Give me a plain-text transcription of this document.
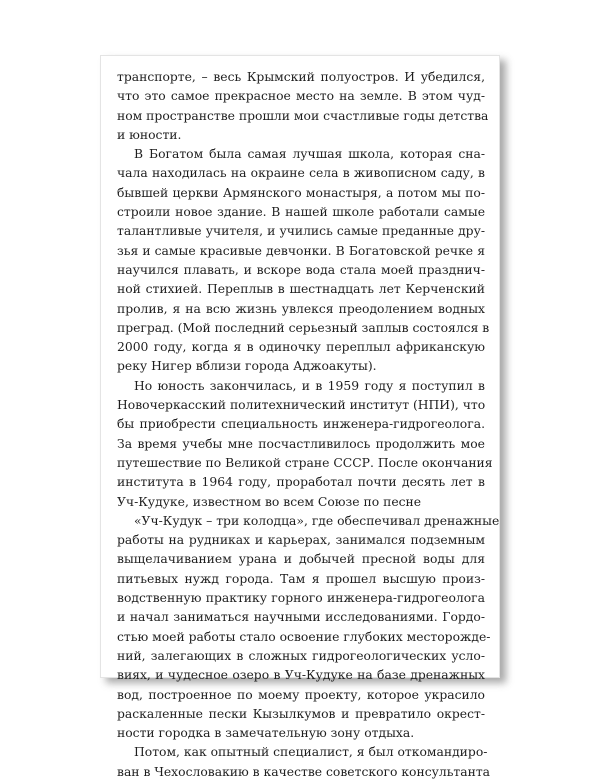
транспорте, – весь Крымский полуостров. И убедился,
что это самое прекрасное место на земле. В этом чуд-
ном пространстве прошли мои счастливые годы детства
и юности.
В Богатом была самая лучшая школа, которая сна-
чала находилась на окраине села в живописном саду, в
бывшей церкви Армянского монастыря, а потом мы по-
строили новое здание. В нашей школе работали самые
талантливые учителя, и учились самые преданные дру-
зья и самые красивые девчонки. В Богатовской речке я
научился плавать, и вскоре вода стала моей празднич-
ной стихией. Переплыв в шестнадцать лет Керченский
пролив, я на всю жизнь увлекся преодолением водных
преград. (Мой последний серьезный заплыв состоялся в
2000 году, когда я в одиночку переплыл африканскую
реку Нигер вблизи города Аджоакуты).
Но юность закончилась, и в 1959 году я поступил в
Новочеркасский политехнический институт (НПИ), что
бы приобрести специальность инженера-гидрогеолога.
За время учебы мне посчастливилось продолжить мое
путешествие по Великой стране СССР. После окончания
института в 1964 году, проработал почти десять лет в
Уч-Кудуке, известном во всем Союзе по песне
«Уч-Кудук – три колодца», где обеспечивал дренажные
работы на рудниках и карьерах, занимался подземным
выщелачиванием урана и добычей пресной воды для
питьевых нужд города. Там я прошел высшую произ-
водственную практику горного инженера-гидрогеолога
и начал заниматься научными исследованиями. Гордо-
стью моей работы стало освоение глубоких месторожде-
ний, залегающих в сложных гидрогеологических усло-
виях, и чудесное озеро в Уч-Кудуке на базе дренажных
вод, построенное по моему проекту, которое украсило
раскаленные пески Кызылкумов и превратило окрест-
ности городка в замечательную зону отдыха.
Потом, как опытный специалист, я был откомандиро-
ван в Чехословакию в качестве советского консультанта
